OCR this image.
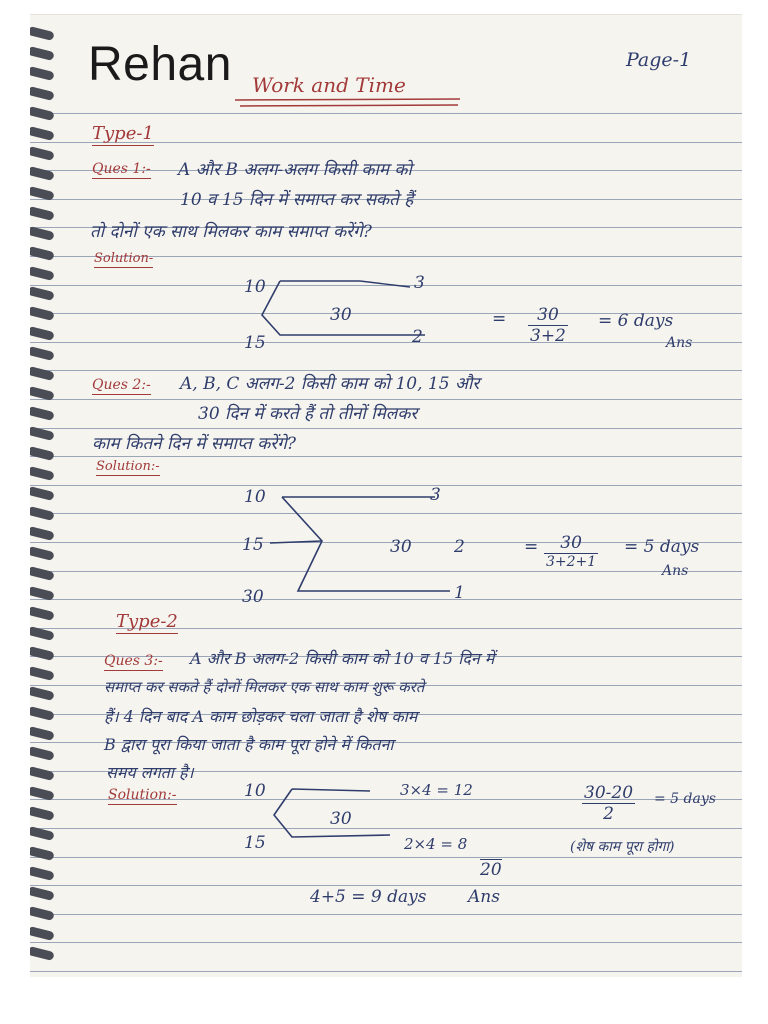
Rehan	Page-1
Work and Time
Type-1
Ques 1:- A और B अलग-अलग किसी काम को
10 व 15 दिन में समाप्त कर सकते हैं
तो दोनों एक साथ मिलकर काम समाप्त करेंगे?
Solution-
10
15
30
3
2
= $\frac{30}{3+2} = 6$ days
Ans
Ques 2:- A, B, C अलग-2 किसी काम को 10, 15 और
30 दिन में करते हैं तो तीनों मिलकर
काम कितने दिन में समाप्त करेंगे?
Solution:-
10
15
30
30
3
2
1
=	30
3+2+1
= 5 days
Ans
Type-2
Ques 3:- A और B अलग-2 किसी काम को 10 व 15 दिन में
समाप्त कर सकते हैं दोनों मिलकर एक साथ काम शुरू करते
हैं। 4 दिन बाद A काम छोड़कर चला जाता है शेष काम
B द्वारा पूरा किया जाता है काम पूरा होने में कितना
समय लगता है।
Solution:-	10
15
30
3×4 = 12
2×4 = 8
20
$\frac{30-20}{2} = 5$ days
(शेष काम पूरा होगा)
4+5 = 9 days Ans
